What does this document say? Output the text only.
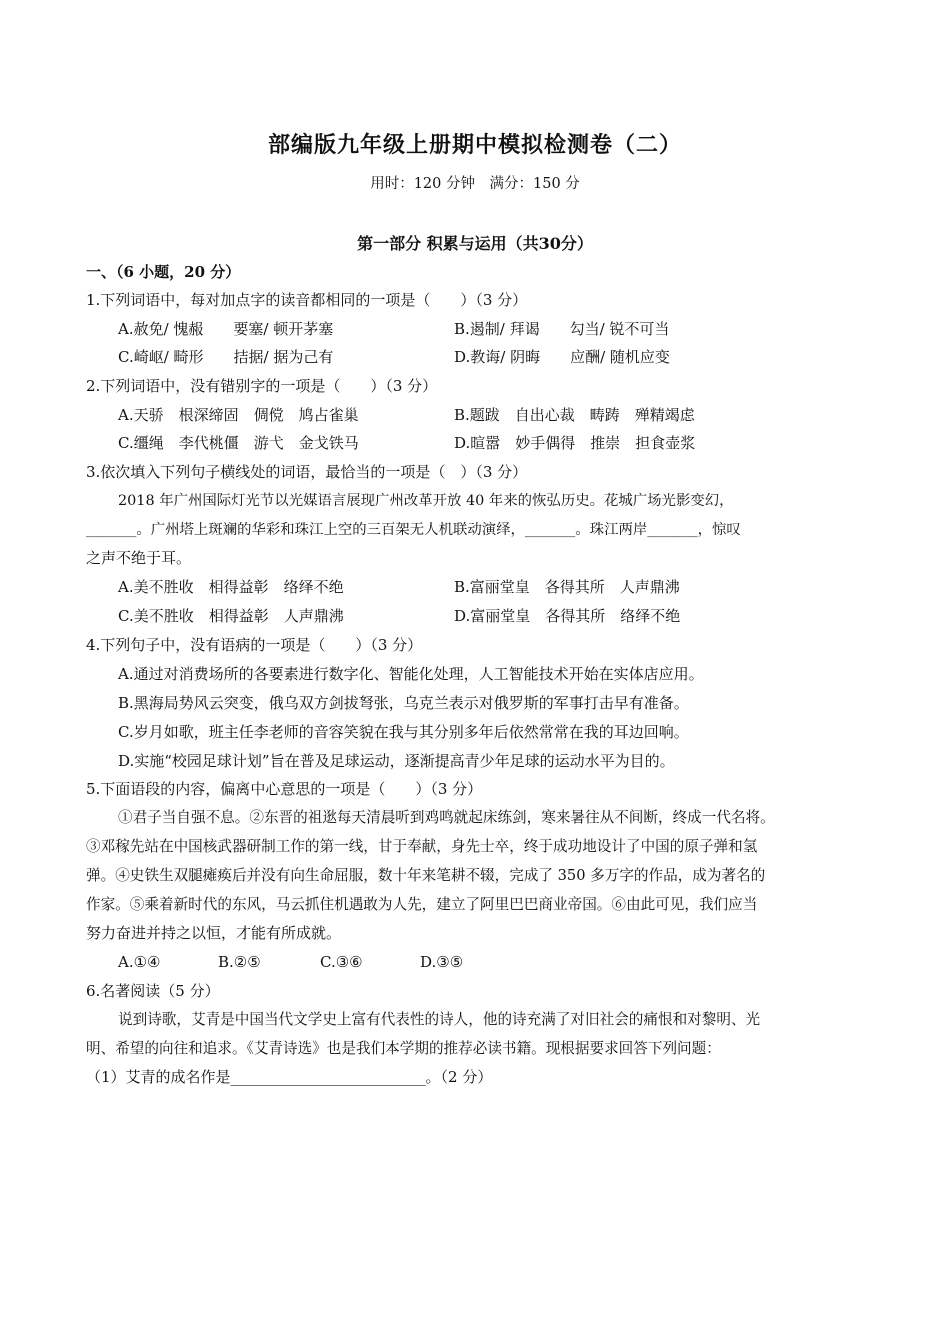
部编版九年级上册期中模拟检测卷（二）
用时：120 分钟　满分：150 分
第一部分 积累与运用（共30分）
一、（6 小题，20 分）
1.下列词语中，每对加点字的读音都相同的一项是（　　）（3 分）
A.赦免/ 愧赧　　要塞/ 顿开茅塞	B.遏制/ 拜谒　　勾当/ 锐不可当
C.崎岖/ 畸形　　拮据/ 据为己有	D.教诲/ 阴晦　　应酬/ 随机应变
2.下列词语中，没有错别字的一项是（　　）（3 分）
A.天骄　根深缔固　倜傥　鸠占雀巢	B.题跋　自出心裁　畴踌　殚精竭虑
C.缰绳　李代桃僵　游弋　金戈铁马	D.暄嚣　妙手偶得　推崇　担食壶浆
3.依次填入下列句子横线处的词语，最恰当的一项是（　）（3 分）
2018 年广州国际灯光节以光媒语言展现广州改革开放 40 年来的恢弘历史。花城广场光影变幻，
_______。广州塔上斑斓的华彩和珠江上空的三百架无人机联动演绎，_______。珠江两岸_______，惊叹
之声不绝于耳。
A.美不胜收　相得益彰　络绎不绝	B.富丽堂皇　各得其所　人声鼎沸
C.美不胜收　相得益彰　人声鼎沸	D.富丽堂皇　各得其所　络绎不绝
4.下列句子中，没有语病的一项是（　　）（3 分）
A.通过对消费场所的各要素进行数字化、智能化处理，人工智能技术开始在实体店应用。
B.黑海局势风云突变，俄乌双方剑拔弩张，乌克兰表示对俄罗斯的军事打击早有准备。
C.岁月如歌，班主任李老师的音容笑貌在我与其分别多年后依然常常在我的耳边回响。
D.实施“校园足球计划”旨在普及足球运动，逐渐提高青少年足球的运动水平为目的。
5.下面语段的内容，偏离中心意思的一项是（　　）（3 分）
①君子当自强不息。②东晋的祖逖每天清晨听到鸡鸣就起床练剑，寒来暑往从不间断，终成一代名将。
③邓稼先站在中国核武器研制工作的第一线，甘于奉献，身先士卒，终于成功地设计了中国的原子弹和氢
弹。④史铁生双腿瘫痪后并没有向生命屈服，数十年来笔耕不辍，完成了 350 多万字的作品，成为著名的
作家。⑤乘着新时代的东风，马云抓住机遇敢为人先，建立了阿里巴巴商业帝国。⑥由此可见，我们应当
努力奋进并持之以恒，才能有所成就。
A.①④	B.②⑤	C.③⑥	D.③⑤
6.名著阅读（5 分）
说到诗歌，艾青是中国当代文学史上富有代表性的诗人，他的诗充满了对旧社会的痛恨和对黎明、光
明、希望的向往和追求。《艾青诗选》也是我们本学期的推荐必读书籍。现根据要求回答下列问题：
（1）艾青的成名作是__________________________。（2 分）
